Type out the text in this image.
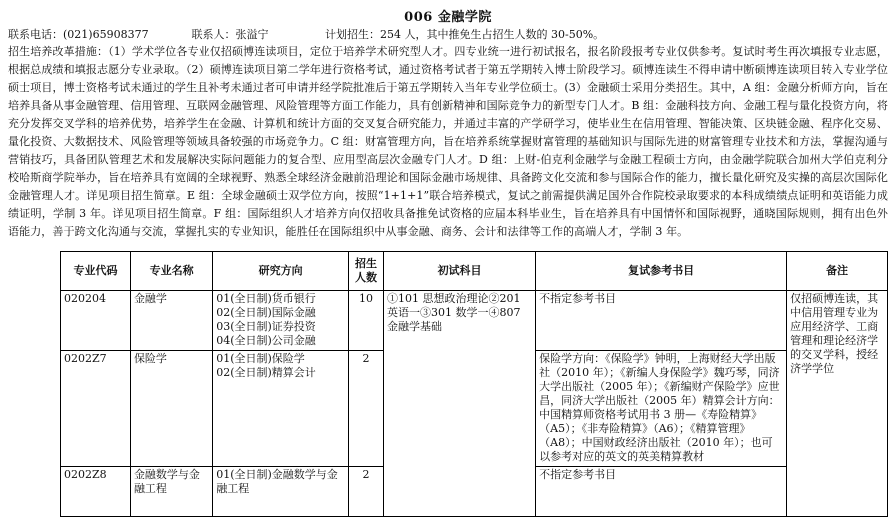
006 金融学院
联系电话：(021)65908377	联系人：张溢宁	计划招生：254 人，其中推免生占招生人数的 30-50%。
招生培养改革措施：（1）学术学位各专业仅招硕博连读项目，定位于培养学术研究型人才。四专业统一进行初试报名，报名阶段报考专业仅供参考。复试时考生再次填报专业志愿，根据总成绩和填报志愿分专业录取。（2）硕博连读项目第二学年进行资格考试，通过资格考试者于第五学期转入博士阶段学习。硕博连读生不得申请中断硕博连读项目转入专业学位硕士项目，博士资格考试未通过的学生且补考未通过者可申请并经学院批准后于第五学期转入当年专业学位硕士。(3）金融硕士采用分类招生。其中，A 组：金融分析师方向，旨在培养具备从事金融管理、信用管理、互联网金融管理、风险管理等方面工作能力，具有创新精神和国际竞争力的新型专门人才。B 组：金融科技方向、金融工程与量化投资方向，将充分发挥交叉学科的培养优势，培养学生在金融、计算机和统计方面的交叉复合研究能力，并通过丰富的产学研学习，使毕业生在信用管理、智能决策、区块链金融、程序化交易、量化投资、大数据技术、风险管理等领域具备较强的市场竞争力。C 组：财富管理方向，旨在培养系统掌握财富管理的基础知识与国际先进的财富管理专业技术和方法，掌握沟通与营销技巧，具备团队管理艺术和发展解决实际问题能力的复合型、应用型高层次金融专门人才。D 组：上财-伯克利金融学与金融工程硕士方向，由金融学院联合加州大学伯克利分校哈斯商学院举办，旨在培养具有宽阔的全球视野、熟悉全球经济金融前沿理论和国际金融市场规律、具备跨文化交流和参与国际合作的能力，擅长量化研究及实操的高层次国际化金融管理人才。详见项目招生简章。E 组：全球金融硕士双学位方向，按照“1+1+1”联合培养模式，复试之前需提供满足国外合作院校录取要求的本科成绩绩点证明和英语能力成绩证明，学制 3 年。详见项目招生简章。F 组：国际组织人才培养方向仅招收具备推免试资格的应届本科毕业生，旨在培养具有中国情怀和国际视野，通晓国际规则，拥有出色外语能力，善于跨文化沟通与交流，掌握扎实的专业知识，能胜任在国际组织中从事金融、商务、会计和法律等工作的高端人才，学制 3 年。
专业代码	专业名称	研究方向	招生人数	初试科目	复试参考书目	备注
020204	金融学	01(全日制)货币银行
02(全日制)国际金融
03(全日制)证券投资
04(全日制)公司金融	10	①101 思想政治理论②201 英语一③301 数学一④807 金融学基础	不指定参考书目	仅招硕博连读，其中信用管理专业为应用经济学、工商管理和理论经济学的交叉学科，授经济学学位
0202Z7	保险学	01(全日制)保险学
02(全日制)精算会计	2		保险学方向：《保险学》钟明，上海财经大学出版社（2010 年）；《新编人身保险学》魏巧琴，同济大学出版社（2005 年）；《新编财产保险学》应世昌，同济大学出版社（2005 年）精算会计方向：中国精算师资格考试用书 3 册—《寿险精算》（A5）；《非寿险精算》（A6）；《精算管理》（A8）；中国财政经济出版社（2010 年）；也可以参考对应的英文的英美精算教材	
0202Z8	金融数学与金融工程	01(全日制)金融数学与金融工程	2		不指定参考书目	
